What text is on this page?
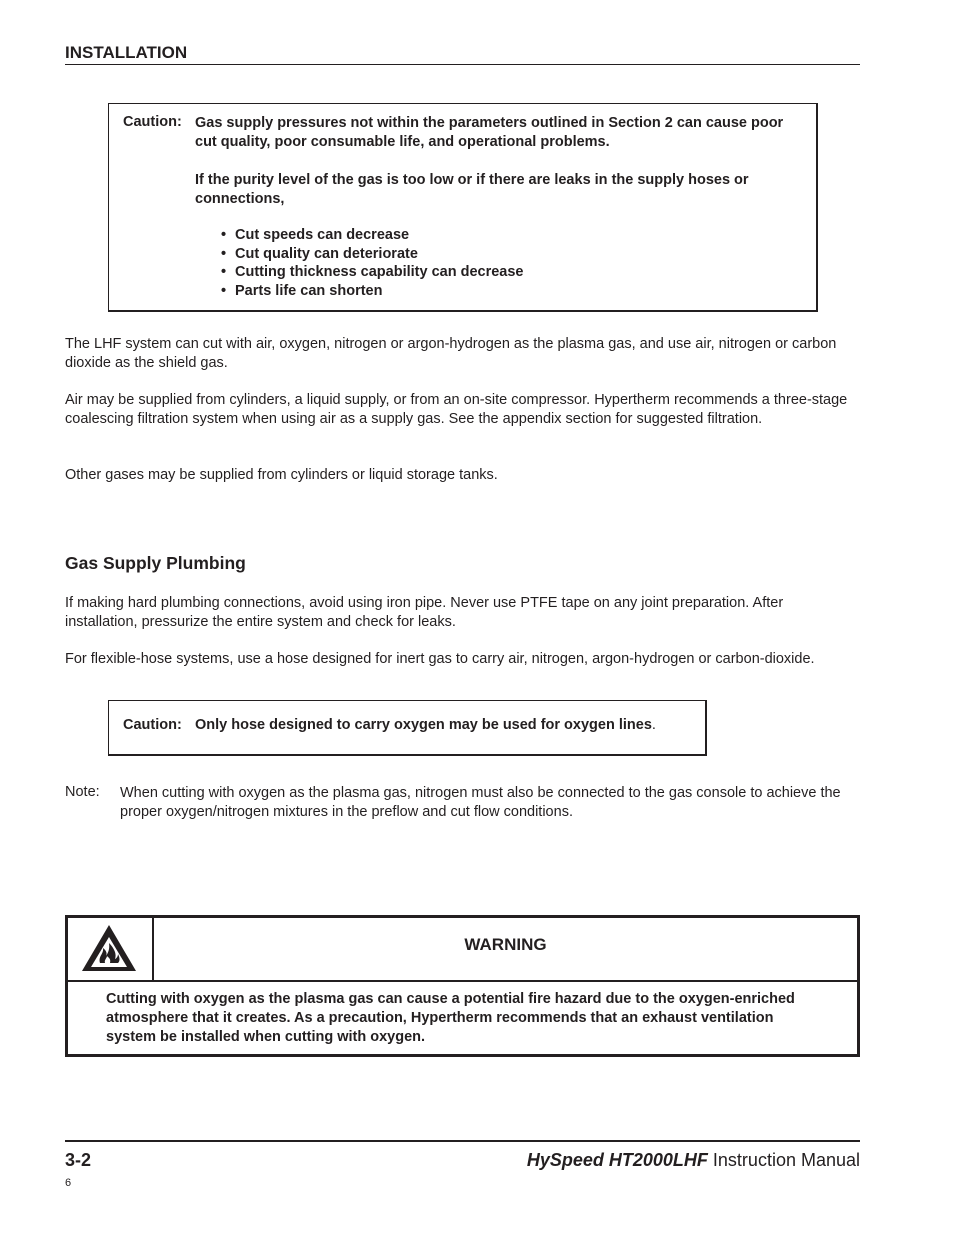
INSTALLATION
Caution: Gas supply pressures not within the parameters outlined in Section 2 can cause poor cut quality, poor consumable life, and operational problems.
If the purity level of the gas is too low or if there are leaks in the supply hoses or connections,
• Cut speeds can decrease
• Cut quality can deteriorate
• Cutting thickness capability can decrease
• Parts life can shorten
The LHF system can cut with air, oxygen, nitrogen or argon-hydrogen as the plasma gas, and use air, nitrogen or carbon dioxide as the shield gas.
Air may be supplied from cylinders, a liquid supply, or from an on-site compressor. Hypertherm recommends a three-stage coalescing filtration system when using air as a supply gas. See the appendix section for suggested filtration.
Other gases may be supplied from cylinders or liquid storage tanks.
Gas Supply Plumbing
If making hard plumbing connections, avoid using iron pipe. Never use PTFE tape on any joint preparation. After installation, pressurize the entire system and check for leaks.
For flexible-hose systems, use a hose designed for inert gas to carry air, nitrogen, argon-hydrogen or carbon-dioxide.
Caution: Only hose designed to carry oxygen may be used for oxygen lines.
Note: When cutting with oxygen as the plasma gas, nitrogen must also be connected to the gas console to achieve the proper oxygen/nitrogen mixtures in the preflow and cut flow conditions.
WARNING
Cutting with oxygen as the plasma gas can cause a potential fire hazard due to the oxygen-enriched atmosphere that it creates. As a precaution, Hypertherm recommends that an exhaust ventilation system be installed when cutting with oxygen.
3-2
6
HySpeed HT2000LHF Instruction Manual
